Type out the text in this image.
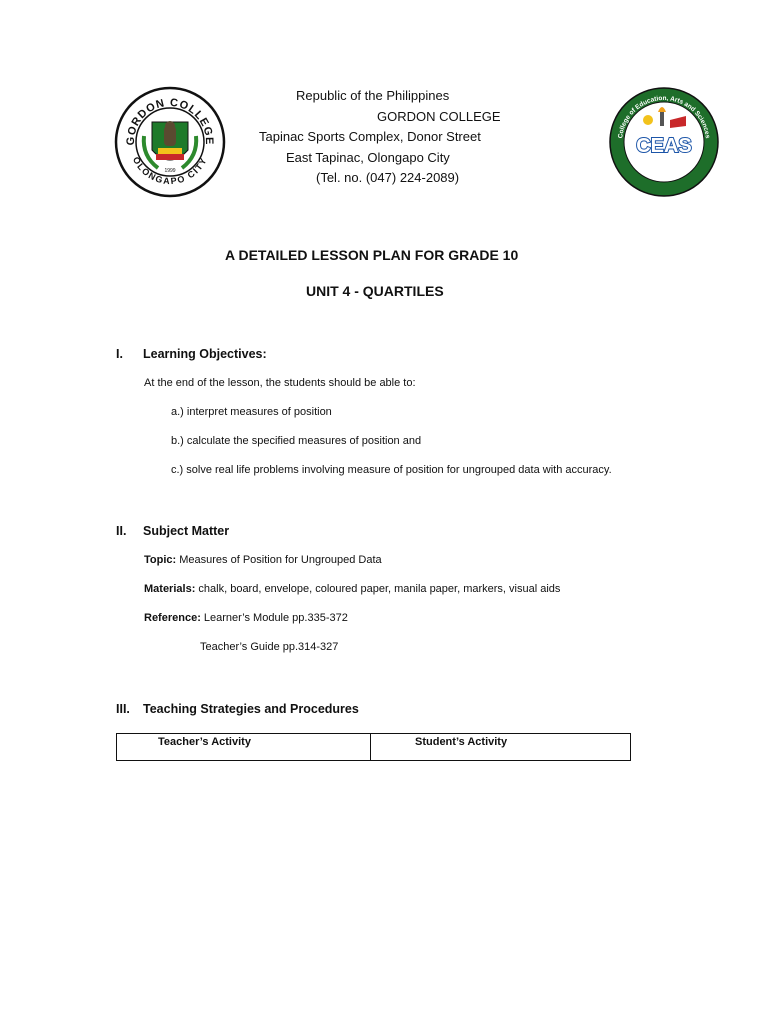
GORDON COLLEGE
OLONGAPO CITY
1999
College of Education, Arts and Sciences
Gordon College
CEAS
Republic of the Philippines
GORDON COLLEGE
Tapinac Sports Complex, Donor Street
East Tapinac, Olongapo City
(Tel. no. (047) 224-2089)
A DETAILED LESSON PLAN FOR GRADE 10
UNIT 4 - QUARTILES
I. Learning Objectives:
At the end of the lesson, the students should be able to:
a.) interpret measures of position
b.) calculate the specified measures of position and
c.) solve real life problems involving measure of position for ungrouped data with accuracy.
II. Subject Matter
Topic: Measures of Position for Ungrouped Data
Materials: chalk, board, envelope, coloured paper, manila paper, markers, visual aids
Reference: Learner’s Module pp.335-372
Teacher’s Guide pp.314-327
III. Teaching Strategies and Procedures
Teacher’s Activity	Student’s Activity
